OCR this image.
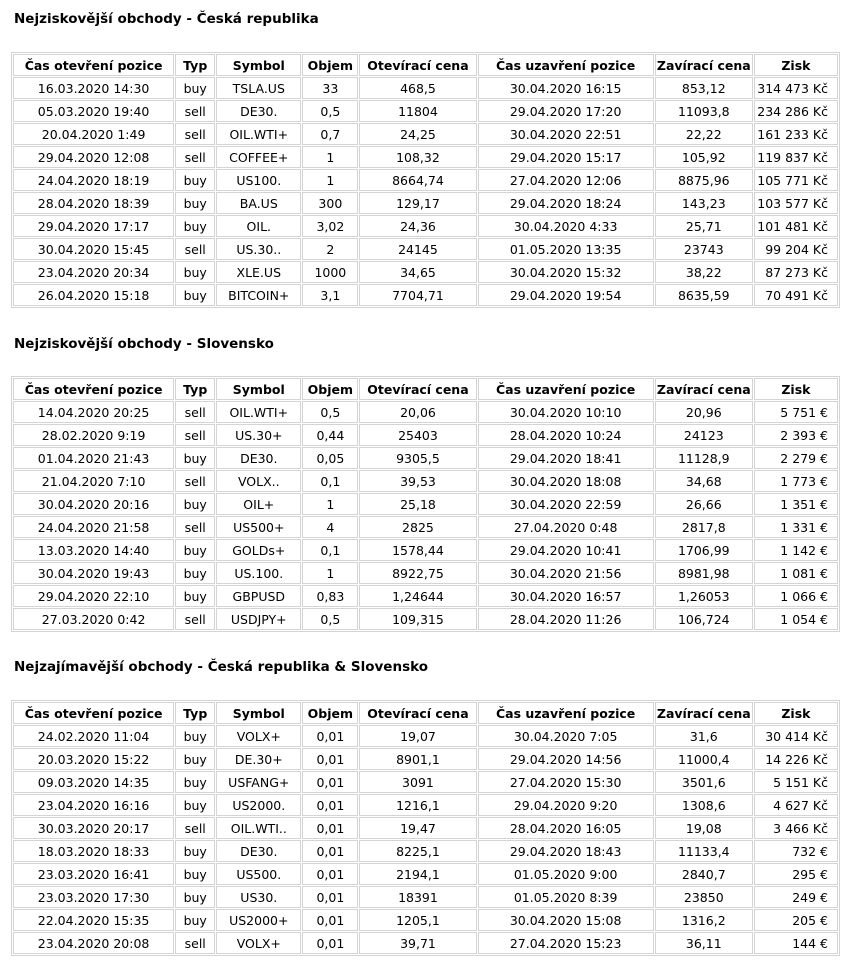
Nejziskovější obchody - Česká republika
Čas otevření pozice	Typ	Symbol	Objem	Otevírací cena	Čas uzavření pozice	Zavírací cena	Zisk
16.03.2020 14:30	buy	TSLA.US	33	468,5	30.04.2020 16:15	853,12	314 473 Kč
05.03.2020 19:40	sell	DE30.	0,5	11804	29.04.2020 17:20	11093,8	234 286 Kč
20.04.2020 1:49	sell	OIL.WTI+	0,7	24,25	30.04.2020 22:51	22,22	161 233 Kč
29.04.2020 12:08	sell	COFFEE+	1	108,32	29.04.2020 15:17	105,92	119 837 Kč
24.04.2020 18:19	buy	US100.	1	8664,74	27.04.2020 12:06	8875,96	105 771 Kč
28.04.2020 18:39	buy	BA.US	300	129,17	29.04.2020 18:24	143,23	103 577 Kč
29.04.2020 17:17	buy	OIL.	3,02	24,36	30.04.2020 4:33	25,71	101 481 Kč
30.04.2020 15:45	sell	US.30..	2	24145	01.05.2020 13:35	23743	99 204 Kč
23.04.2020 20:34	buy	XLE.US	1000	34,65	30.04.2020 15:32	38,22	87 273 Kč
26.04.2020 15:18	buy	BITCOIN+	3,1	7704,71	29.04.2020 19:54	8635,59	70 491 Kč
Nejziskovější obchody - Slovensko
Čas otevření pozice	Typ	Symbol	Objem	Otevírací cena	Čas uzavření pozice	Zavírací cena	Zisk
14.04.2020 20:25	sell	OIL.WTI+	0,5	20,06	30.04.2020 10:10	20,96	5 751 €
28.02.2020 9:19	sell	US.30+	0,44	25403	28.04.2020 10:24	24123	2 393 €
01.04.2020 21:43	buy	DE30.	0,05	9305,5	29.04.2020 18:41	11128,9	2 279 €
21.04.2020 7:10	sell	VOLX..	0,1	39,53	30.04.2020 18:08	34,68	1 773 €
30.04.2020 20:16	buy	OIL+	1	25,18	30.04.2020 22:59	26,66	1 351 €
24.04.2020 21:58	sell	US500+	4	2825	27.04.2020 0:48	2817,8	1 331 €
13.03.2020 14:40	buy	GOLDs+	0,1	1578,44	29.04.2020 10:41	1706,99	1 142 €
30.04.2020 19:43	buy	US.100.	1	8922,75	30.04.2020 21:56	8981,98	1 081 €
29.04.2020 22:10	buy	GBPUSD	0,83	1,24644	30.04.2020 16:57	1,26053	1 066 €
27.03.2020 0:42	sell	USDJPY+	0,5	109,315	28.04.2020 11:26	106,724	1 054 €
Nejzajímavější obchody - Česká republika & Slovensko
Čas otevření pozice	Typ	Symbol	Objem	Otevírací cena	Čas uzavření pozice	Zavírací cena	Zisk
24.02.2020 11:04	buy	VOLX+	0,01	19,07	30.04.2020 7:05	31,6	30 414 Kč
20.03.2020 15:22	buy	DE.30+	0,01	8901,1	29.04.2020 14:56	11000,4	14 226 Kč
09.03.2020 14:35	buy	USFANG+	0,01	3091	27.04.2020 15:30	3501,6	5 151 Kč
23.04.2020 16:16	buy	US2000.	0,01	1216,1	29.04.2020 9:20	1308,6	4 627 Kč
30.03.2020 20:17	sell	OIL.WTI..	0,01	19,47	28.04.2020 16:05	19,08	3 466 Kč
18.03.2020 18:33	buy	DE30.	0,01	8225,1	29.04.2020 18:43	11133,4	732 €
23.03.2020 16:41	buy	US500.	0,01	2194,1	01.05.2020 9:00	2840,7	295 €
23.03.2020 17:30	buy	US30.	0,01	18391	01.05.2020 8:39	23850	249 €
22.04.2020 15:35	buy	US2000+	0,01	1205,1	30.04.2020 15:08	1316,2	205 €
23.04.2020 20:08	sell	VOLX+	0,01	39,71	27.04.2020 15:23	36,11	144 €
